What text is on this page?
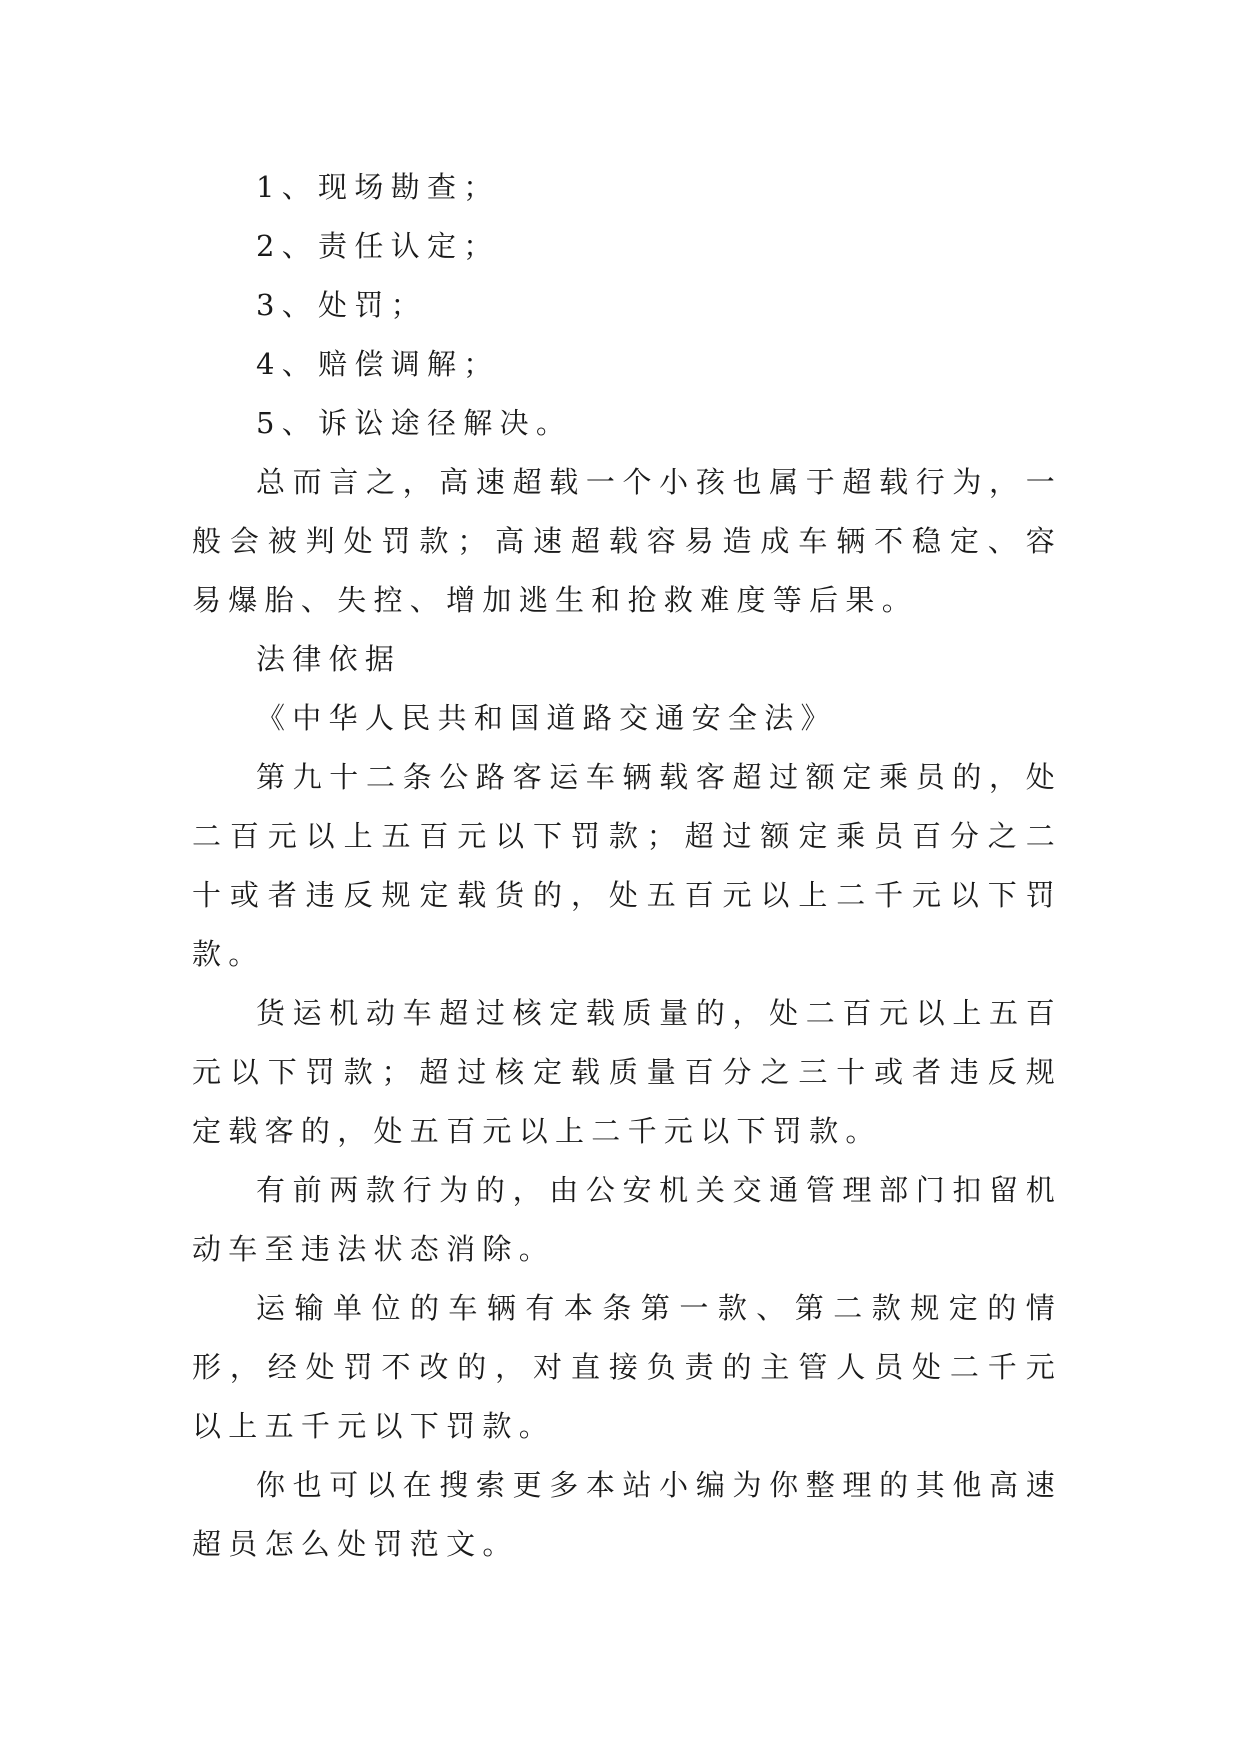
1、现场勘查；

2、责任认定；

3、处罚；

4、赔偿调解；

5、诉讼途径解决。

总而言之，高速超载一个小孩也属于超载行为，一般会被判处罚款；高速超载容易造成车辆不稳定、容易爆胎、失控、增加逃生和抢救难度等后果。

法律依据

《中华人民共和国道路交通安全法》

第九十二条公路客运车辆载客超过额定乘员的，处二百元以上五百元以下罚款；超过额定乘员百分之二十或者违反规定载货的，处五百元以上二千元以下罚款。

货运机动车超过核定载质量的，处二百元以上五百元以下罚款；超过核定载质量百分之三十或者违反规定载客的，处五百元以上二千元以下罚款。

有前两款行为的，由公安机关交通管理部门扣留机动车至违法状态消除。

运输单位的车辆有本条第一款、第二款规定的情形，经处罚不改的，对直接负责的主管人员处二千元以上五千元以下罚款。

你也可以在搜索更多本站小编为你整理的其他高速超员怎么处罚范文。
